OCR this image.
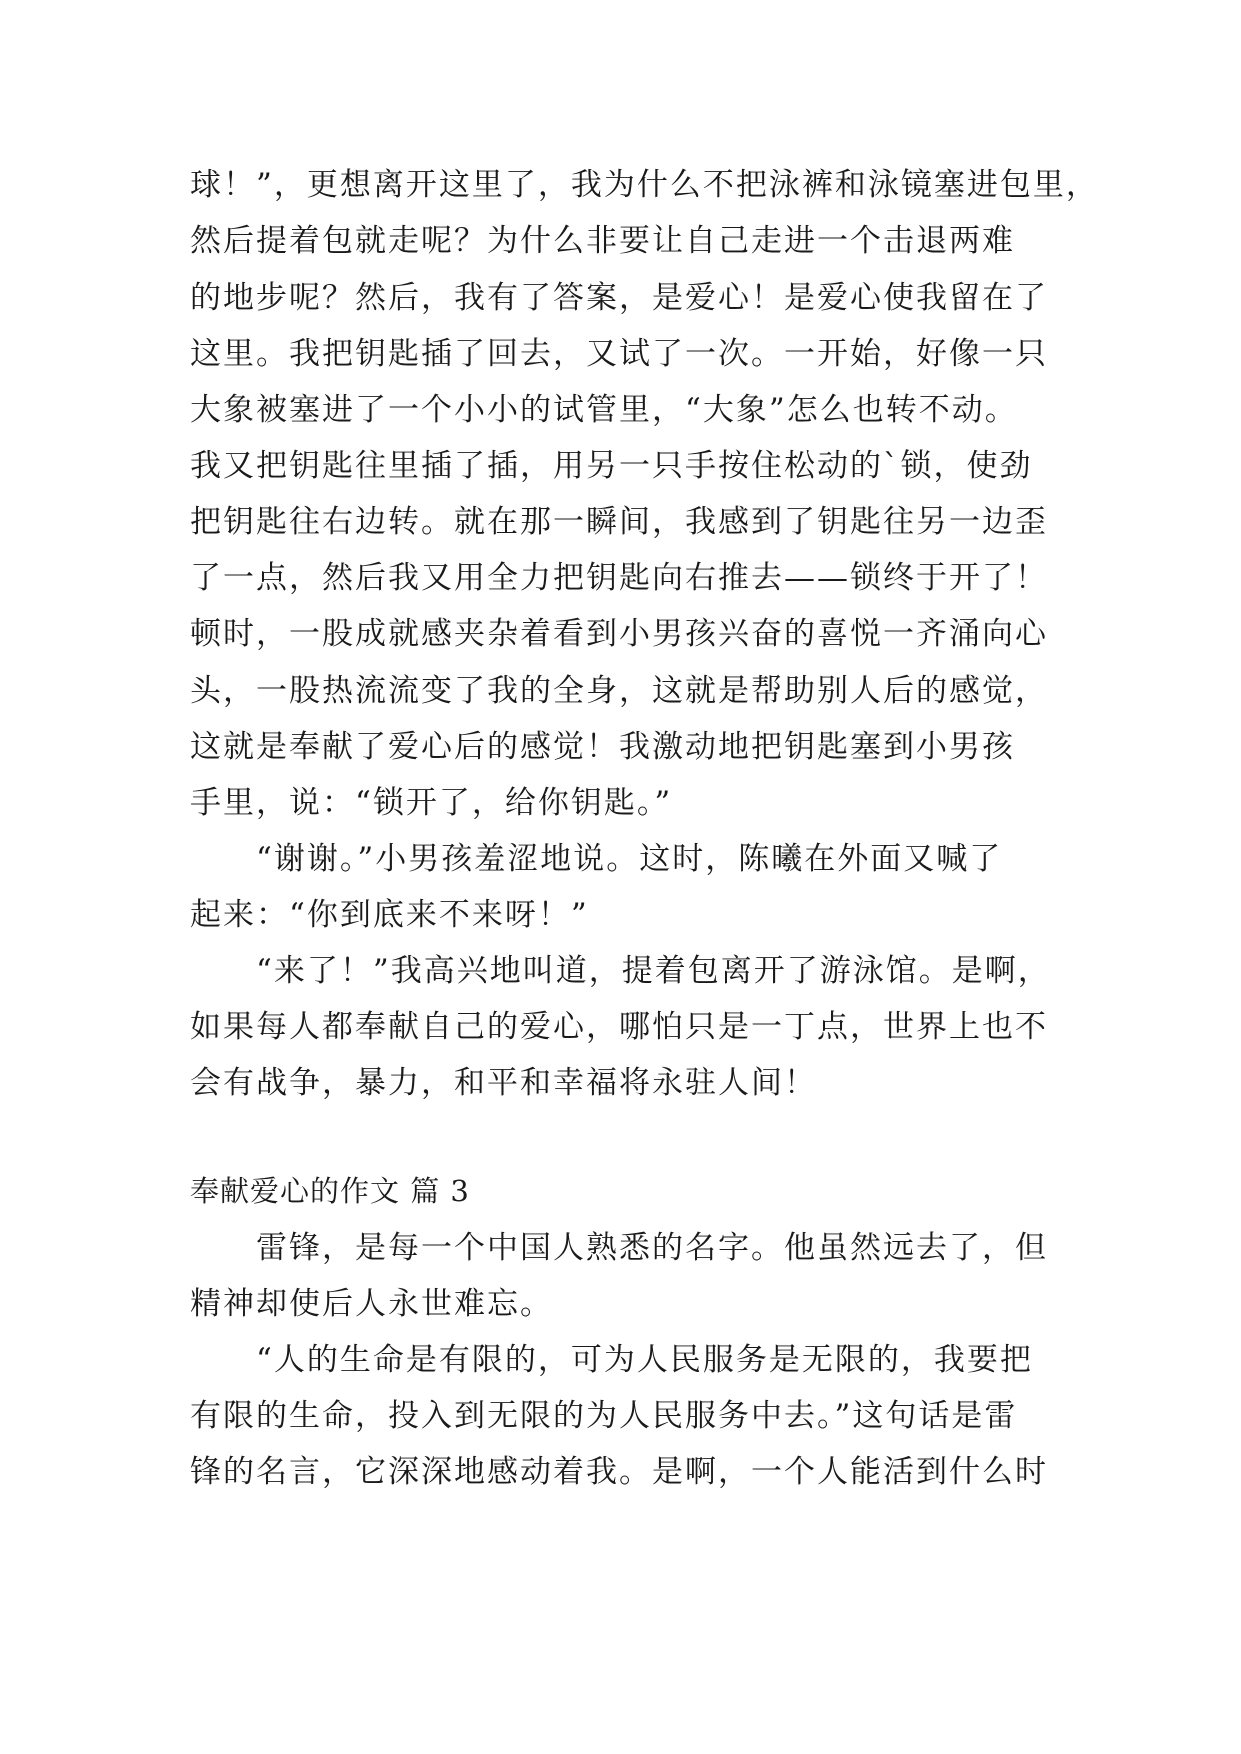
球！”，更想离开这里了，我为什么不把泳裤和泳镜塞进包里，
然后提着包就走呢？为什么非要让自己走进一个击退两难
的地步呢？然后，我有了答案，是爱心！是爱心使我留在了
这里。我把钥匙插了回去，又试了一次。一开始，好像一只
大象被塞进了一个小小的试管里，“大象”怎么也转不动。
我又把钥匙往里插了插，用另一只手按住松动的`锁，使劲
把钥匙往右边转。就在那一瞬间，我感到了钥匙往另一边歪
了一点，然后我又用全力把钥匙向右推去——锁终于开了！
顿时，一股成就感夹杂着看到小男孩兴奋的喜悦一齐涌向心
头，一股热流流变了我的全身，这就是帮助别人后的感觉，
这就是奉献了爱心后的感觉！我激动地把钥匙塞到小男孩
手里，说：“锁开了，给你钥匙。”
“谢谢。”小男孩羞涩地说。这时，陈曦在外面又喊了
起来：“你到底来不来呀！”
“来了！”我高兴地叫道，提着包离开了游泳馆。是啊，
如果每人都奉献自己的爱心，哪怕只是一丁点，世界上也不
会有战争，暴力，和平和幸福将永驻人间！
奉献爱心的作文 篇 3
雷锋，是每一个中国人熟悉的名字。他虽然远去了，但
精神却使后人永世难忘。
“人的生命是有限的，可为人民服务是无限的，我要把
有限的生命，投入到无限的为人民服务中去。”这句话是雷
锋的名言，它深深地感动着我。是啊，一个人能活到什么时
